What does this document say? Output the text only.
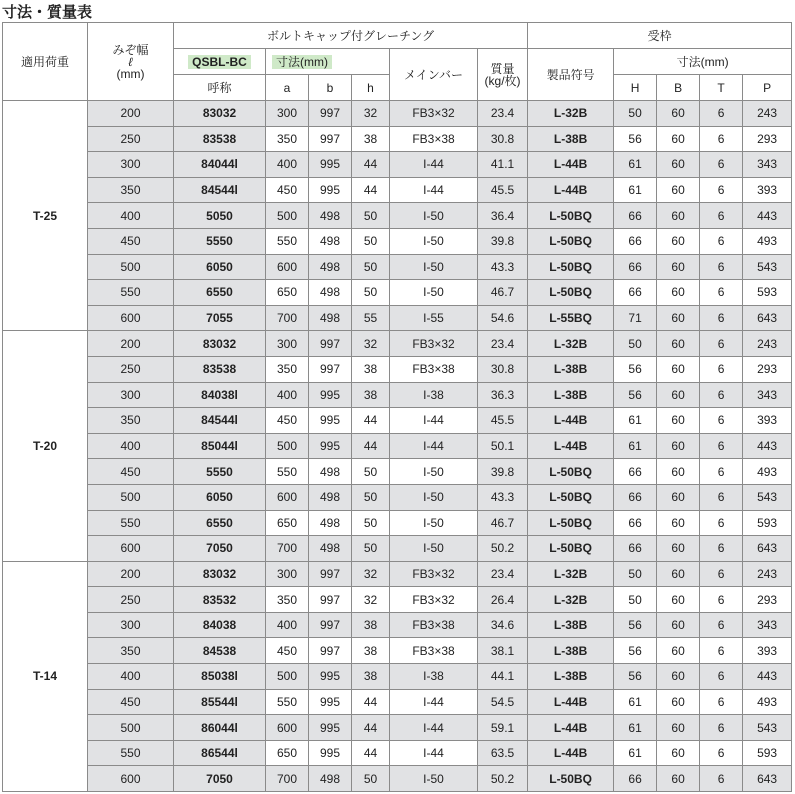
寸法・質量表
適用荷重	みぞ幅
ℓ
(mm)	ボルトキャップ付グレーチング						受枠				
		QSBL-BC	寸法(mm)			メインバー	質量
(kg/枚)	製品符号	寸法(mm)			
		呼称	a	b	h				H	B	T	P
T-25	200	83032	300	997	32	FB3×32	23.4	L-32B	50	60	6	243
	250	83538	350	997	38	FB3×38	30.8	L-38B	56	60	6	293
	300	84044l	400	995	44	I-44	41.1	L-44B	61	60	6	343
	350	84544l	450	995	44	I-44	45.5	L-44B	61	60	6	393
	400	5050	500	498	50	I-50	36.4	L-50BQ	66	60	6	443
	450	5550	550	498	50	I-50	39.8	L-50BQ	66	60	6	493
	500	6050	600	498	50	I-50	43.3	L-50BQ	66	60	6	543
	550	6550	650	498	50	I-50	46.7	L-50BQ	66	60	6	593
	600	7055	700	498	55	I-55	54.6	L-55BQ	71	60	6	643
T-20	200	83032	300	997	32	FB3×32	23.4	L-32B	50	60	6	243
	250	83538	350	997	38	FB3×38	30.8	L-38B	56	60	6	293
	300	84038l	400	995	38	I-38	36.3	L-38B	56	60	6	343
	350	84544l	450	995	44	I-44	45.5	L-44B	61	60	6	393
	400	85044l	500	995	44	I-44	50.1	L-44B	61	60	6	443
	450	5550	550	498	50	I-50	39.8	L-50BQ	66	60	6	493
	500	6050	600	498	50	I-50	43.3	L-50BQ	66	60	6	543
	550	6550	650	498	50	I-50	46.7	L-50BQ	66	60	6	593
	600	7050	700	498	50	I-50	50.2	L-50BQ	66	60	6	643
T-14	200	83032	300	997	32	FB3×32	23.4	L-32B	50	60	6	243
	250	83532	350	997	32	FB3×32	26.4	L-32B	50	60	6	293
	300	84038	400	997	38	FB3×38	34.6	L-38B	56	60	6	343
	350	84538	450	997	38	FB3×38	38.1	L-38B	56	60	6	393
	400	85038l	500	995	38	I-38	44.1	L-38B	56	60	6	443
	450	85544l	550	995	44	I-44	54.5	L-44B	61	60	6	493
	500	86044l	600	995	44	I-44	59.1	L-44B	61	60	6	543
	550	86544l	650	995	44	I-44	63.5	L-44B	61	60	6	593
	600	7050	700	498	50	I-50	50.2	L-50BQ	66	60	6	643
